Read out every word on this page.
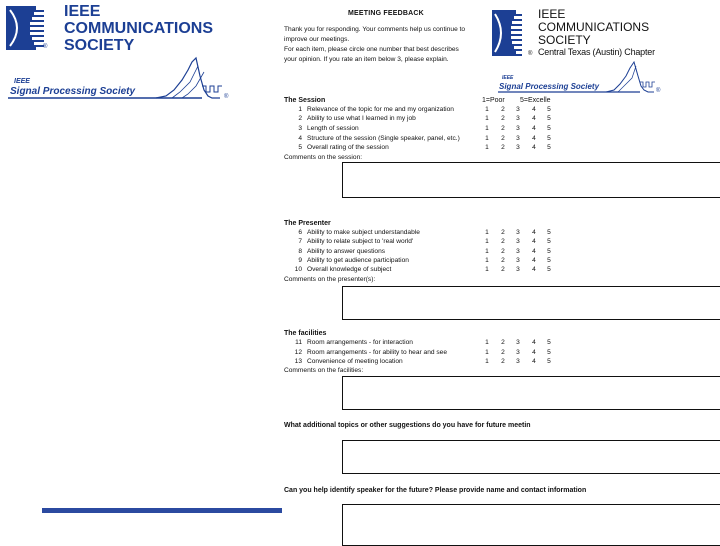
®
IEEE
COMMUNICATIONS
SOCIETY
IEEE
Signal Processing Society	®
®
IEEE
COMMUNICATIONS
SOCIETY
Central Texas (Austin) Chapter
IEEE
Signal Processing Society	®
MEETING FEEDBACK
Thank you for responding. Your comments help us continue to
improve our meetings.
For each item, please circle one number that best describes
your opinion. If you rate an item below 3, please explain.
The Session	1=Poor 5=Excelle
1 Relevance of the topic for me and my organization	1	2	3	4	5
2 Ability to use what I learned in my job	1	2	3	4	5
3 Length of session	1	2	3	4	5
4 Structure of the session (Single speaker, panel, etc.)	1	2	3	4	5
5 Overall rating of the session	1	2	3	4	5
Comments on the session:
The Presenter
6 Ability to make subject understandable	1	2	3	4	5
7 Ability to relate subject to 'real world'	1	2	3	4	5
8 Ability to answer questions	1	2	3	4	5
9 Ability to get audience participation	1	2	3	4	5
10 Overall knowledge of subject	1	2	3	4	5
Comments on the presenter(s):
The facilities
11 Room arrangements - for interaction	1	2	3	4	5
12 Room arrangements - for ability to hear and see	1	2	3	4	5
13 Convenience of meeting location	1	2	3	4	5
Comments on the facilities:
What additional topics or other suggestions do you have for future meetin
Can you help identify speaker for the future? Please provide name and contact information
